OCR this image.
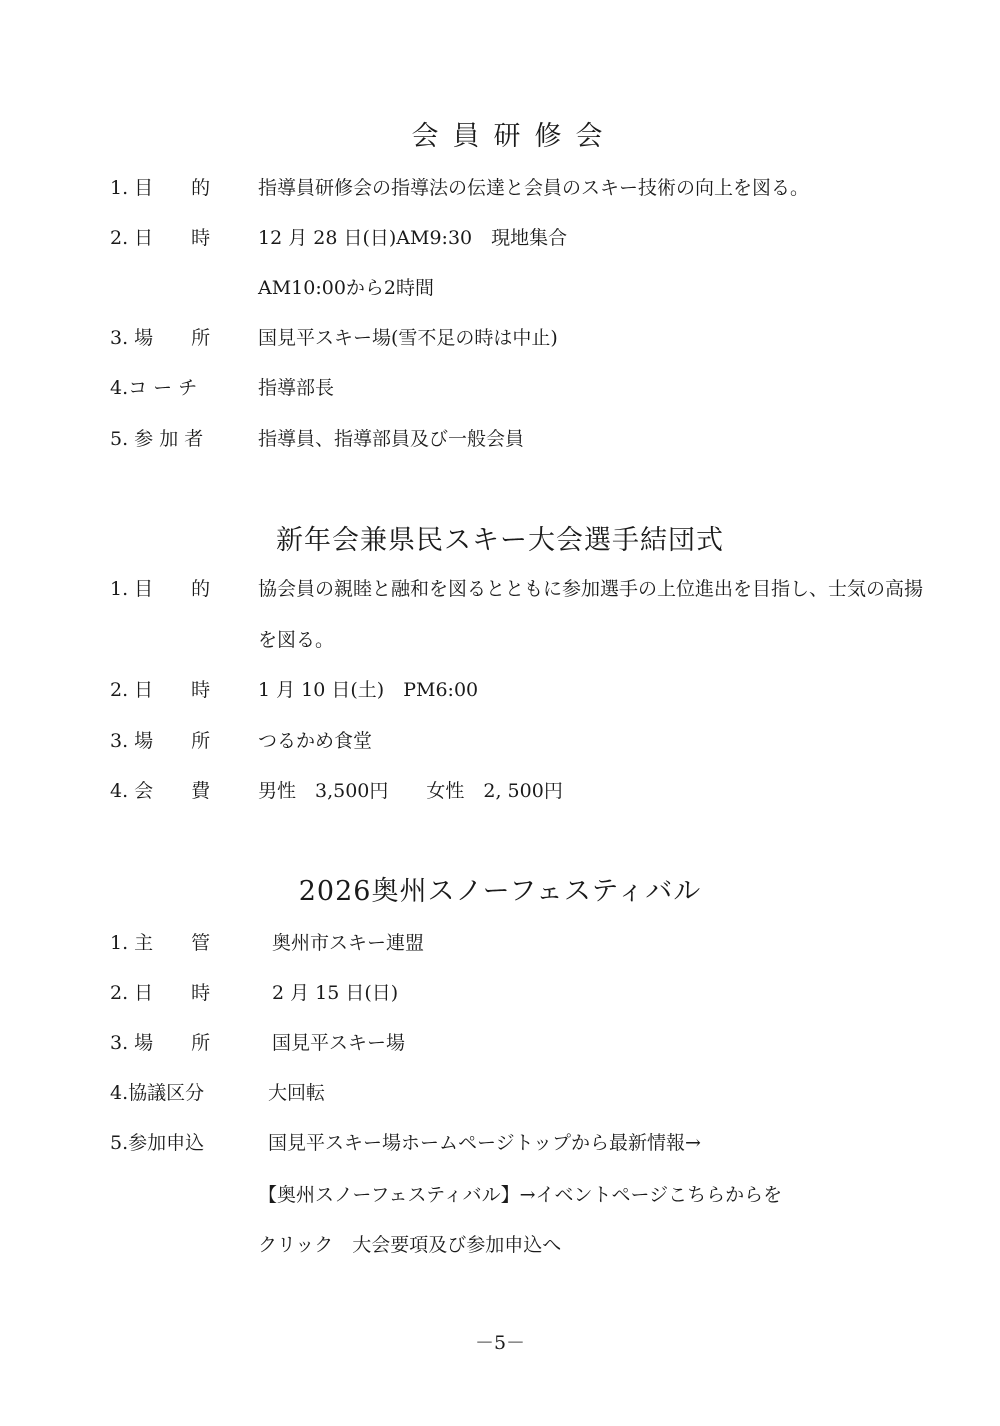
会員研修会
1. 目　　的	指導員研修会の指導法の伝達と会員のスキー技術の向上を図る。
2. 日　　時	12 月 28 日(日)AM9:30　現地集合
AM10:00から2時間
3. 場　　所	国見平スキー場(雪不足の時は中止)
4.コ ー チ	指導部長
5. 参 加 者	指導員、指導部員及び一般会員
新年会兼県民スキー大会選手結団式
1. 目　　的	協会員の親睦と融和を図るとともに参加選手の上位進出を目指し、士気の高揚
を図る。
2. 日　　時	1 月 10 日(土)　PM6:00
3. 場　　所	つるかめ食堂
4. 会　　費	男性　3,500円　　女性　2, 500円
2026奥州スノーフェスティバル
1. 主　　管	奥州市スキー連盟
2. 日　　時	2 月 15 日(日)
3. 場　　所	国見平スキー場
4.協議区分	大回転
5.参加申込	国見平スキー場ホームページトップから最新情報→
【奥州スノーフェスティバル】→イベントページこちらからを
クリック　大会要項及び参加申込へ
－5－
